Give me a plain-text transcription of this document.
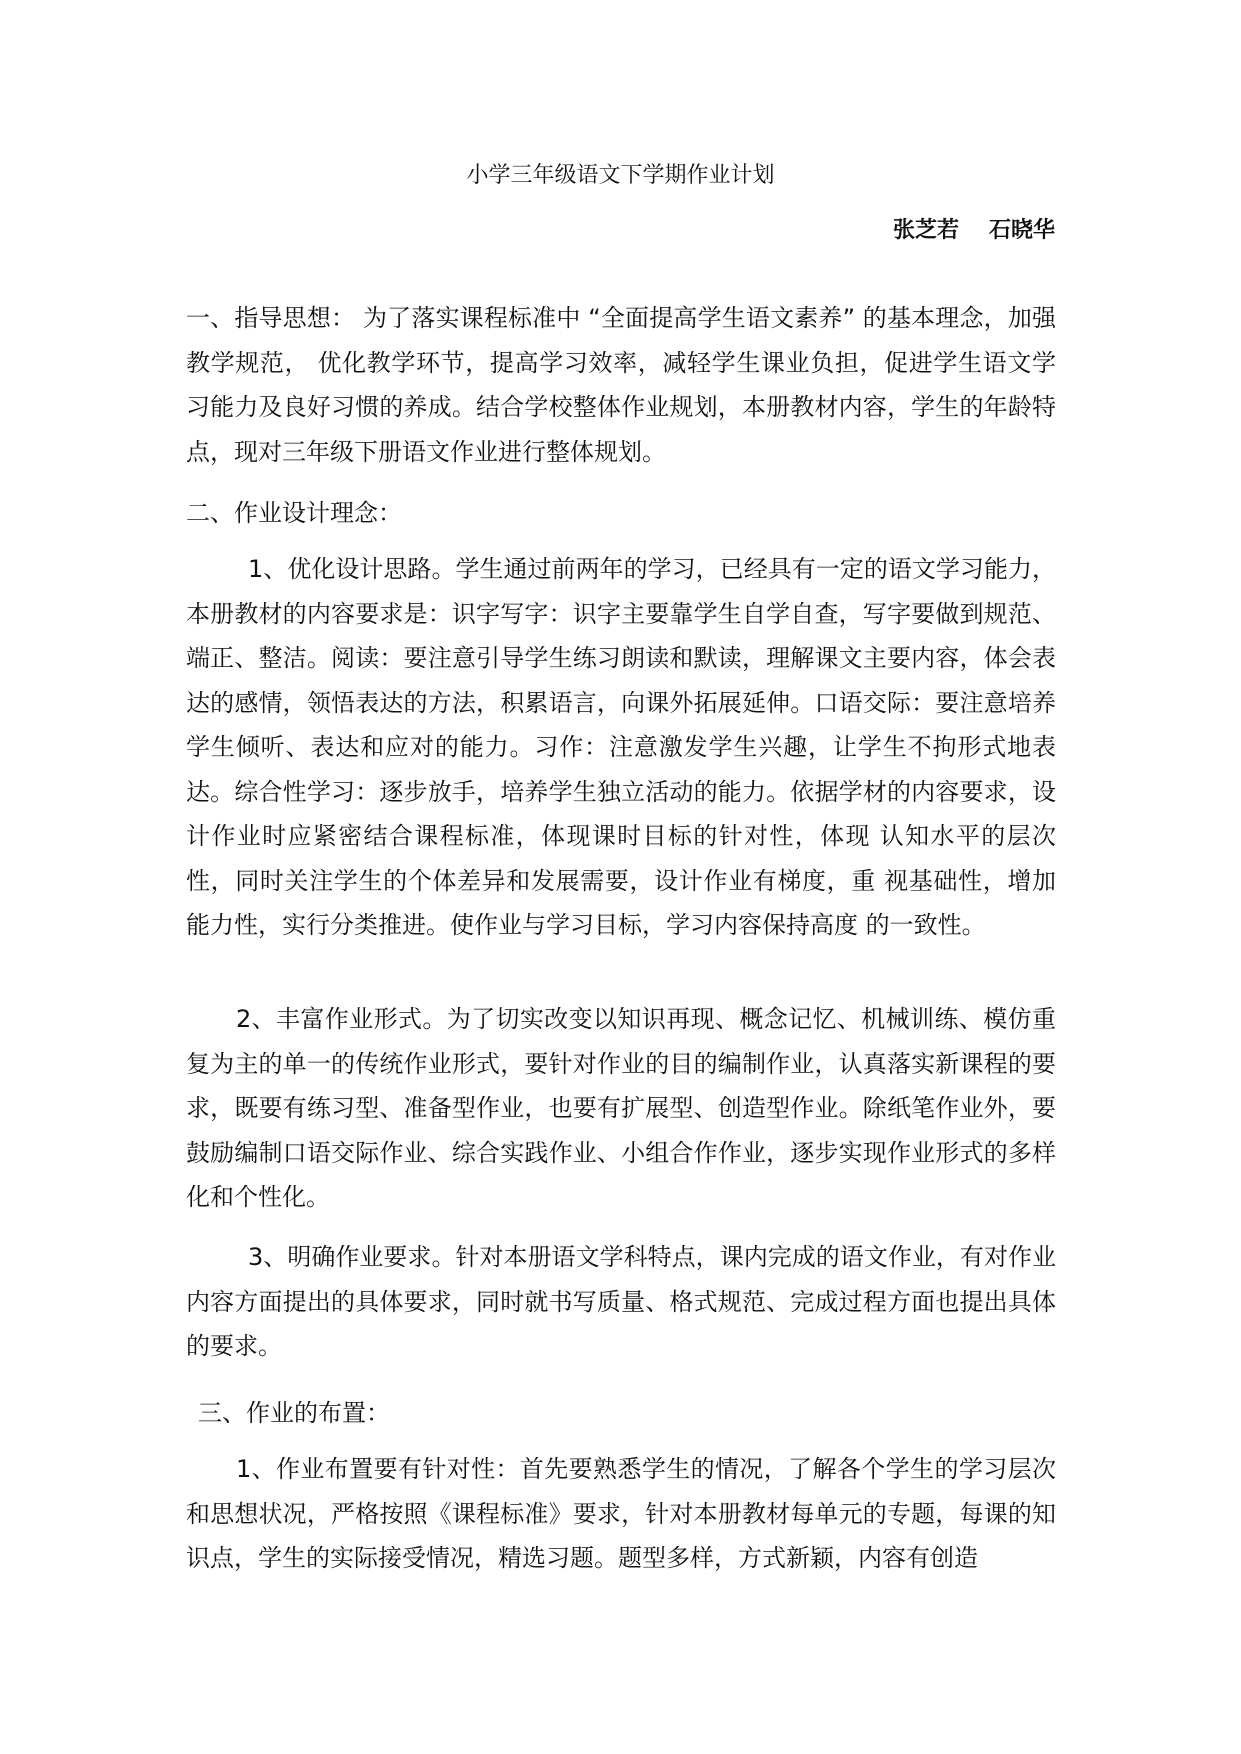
小学三年级语文下学期作业计划
张芝若 石晓华

一、指导思想： 为了落实课程标准中 “全面提高学生语文素养” 的基本理念，加强教学规范， 优化教学环节，提高学习效率，减轻学生课业负担，促进学生语文学习能力及良好习惯的养成。结合学校整体作业规划，本册教材内容，学生的年龄特点，现对三年级下册语文作业进行整体规划。

二、作业设计理念：

1、优化设计思路。学生通过前两年的学习，已经具有一定的语文学习能力，本册教材的内容要求是：识字写字：识字主要靠学生自学自查，写字要做到规范、端正、整洁。阅读：要注意引导学生练习朗读和默读，理解课文主要内容，体会表达的感情，领悟表达的方法，积累语言，向课外拓展延伸。口语交际：要注意培养学生倾听、表达和应对的能力。习作：注意激发学生兴趣，让学生不拘形式地表达。综合性学习：逐步放手，培养学生独立活动的能力。依据学材的内容要求，设计作业时应紧密结合课程标准，体现课时目标的针对性，体现 认知水平的层次性，同时关注学生的个体差异和发展需要，设计作业有梯度，重 视基础性，增加能力性，实行分类推进。使作业与学习目标，学习内容保持高度 的一致性。

2、丰富作业形式。为了切实改变以知识再现、概念记忆、机械训练、模仿重复为主的单一的传统作业形式，要针对作业的目的编制作业，认真落实新课程的要求，既要有练习型、准备型作业，也要有扩展型、创造型作业。除纸笔作业外，要鼓励编制口语交际作业、综合实践作业、小组合作作业，逐步实现作业形式的多样化和个性化。

3、明确作业要求。针对本册语文学科特点，课内完成的语文作业，有对作业内容方面提出的具体要求，同时就书写质量、格式规范、完成过程方面也提出具体的要求。

三、作业的布置：

1、作业布置要有针对性：首先要熟悉学生的情况，了解各个学生的学习层次和思想状况，严格按照《课程标准》要求，针对本册教材每单元的专题，每课的知识点，学生的实际接受情况，精选习题。题型多样，方式新颖，内容有创造
